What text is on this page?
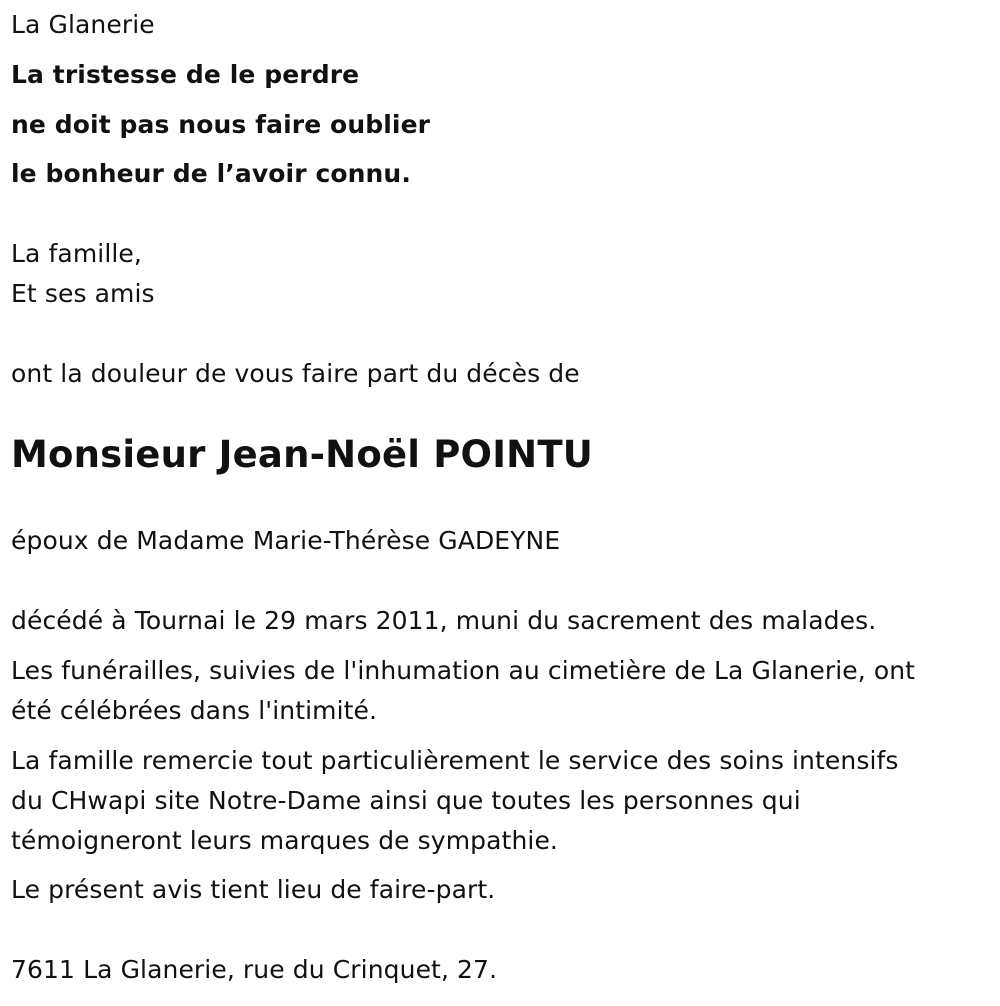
La Glanerie
La tristesse de le perdre
ne doit pas nous faire oublier
le bonheur de l’avoir connu.
La famille,
Et ses amis
ont la douleur de vous faire part du décès de
Monsieur Jean-Noël POINTU
époux de Madame Marie-Thérèse GADEYNE
décédé à Tournai le 29 mars 2011, muni du sacrement des malades.
Les funérailles, suivies de l'inhumation au cimetière de La Glanerie, ont
été célébrées dans l'intimité.
La famille remercie tout particulièrement le service des soins intensifs
du CHwapi site Notre-Dame ainsi que toutes les personnes qui
témoigneront leurs marques de sympathie.
Le présent avis tient lieu de faire-part.
7611 La Glanerie, rue du Crinquet, 27.
